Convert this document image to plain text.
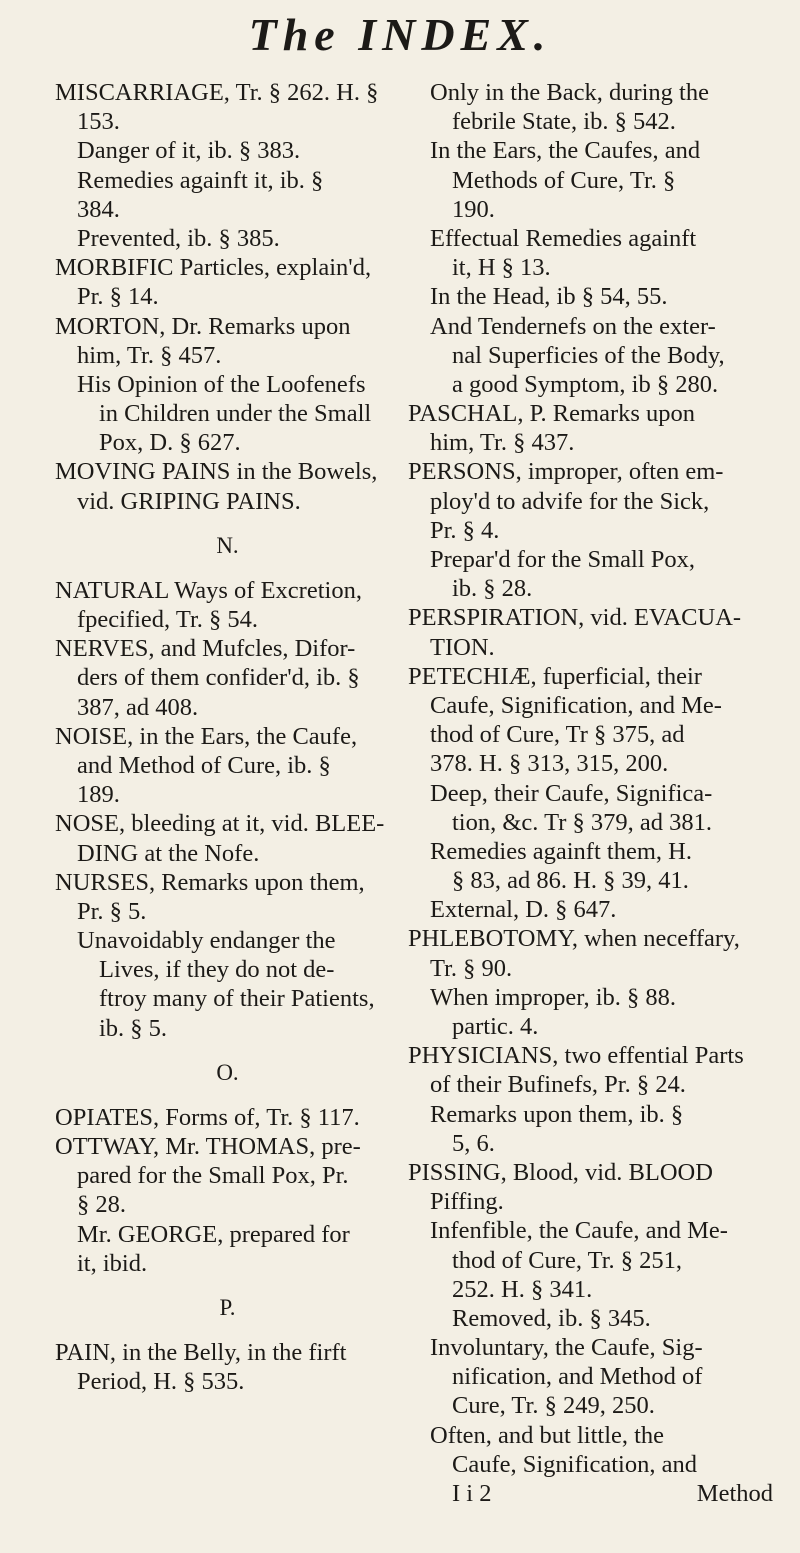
The INDEX.
MISCARRIAGE, Tr. § 262. H. §
153.
Danger of it, ib. § 383.
Remedies againft it, ib. §
384.
Prevented, ib. § 385.
MORBIFIC Particles, explain'd,
Pr. § 14.
MORTON, Dr. Remarks upon
him, Tr. § 457.
His Opinion of the Loofenefs
in Children under the Small
Pox, D. § 627.
MOVING PAINS in the Bowels,
vid. GRIPING PAINS.
N.
NATURAL Ways of Excretion,
fpecified, Tr. § 54.
NERVES, and Mufcles, Difor-
ders of them confider'd, ib. §
387, ad 408.
NOISE, in the Ears, the Caufe,
and Method of Cure, ib. §
189.
NOSE, bleeding at it, vid. BLEE-
DING at the Nofe.
NURSES, Remarks upon them,
Pr. § 5.
Unavoidably endanger the
Lives, if they do not de-
ftroy many of their Patients,
ib. § 5.
O.
OPIATES, Forms of, Tr. § 117.
OTTWAY, Mr. THOMAS, pre-
pared for the Small Pox, Pr.
§ 28.
Mr. GEORGE, prepared for
it, ibid.
P.
PAIN, in the Belly, in the firft
Period, H. § 535.
Only in the Back, during the
febrile State, ib. § 542.
In the Ears, the Caufes, and
Methods of Cure, Tr. §
190.
Effectual Remedies againft
it, H § 13.
In the Head, ib § 54, 55.
And Tendernefs on the exter-
nal Superficies of the Body,
a good Symptom, ib § 280.
PASCHAL, P. Remarks upon
him, Tr. § 437.
PERSONS, improper, often em-
ploy'd to advife for the Sick,
Pr. § 4.
Prepar'd for the Small Pox,
ib. § 28.
PERSPIRATION, vid. EVACUA-
TION.
PETECHIÆ, fuperficial, their
Caufe, Signification, and Me-
thod of Cure, Tr § 375, ad
378. H. § 313, 315, 200.
Deep, their Caufe, Significa-
tion, &c. Tr § 379, ad 381.
Remedies againft them, H.
§ 83, ad 86. H. § 39, 41.
External, D. § 647.
PHLEBOTOMY, when neceffary,
Tr. § 90.
When improper, ib. § 88.
partic. 4.
PHYSICIANS, two effential Parts
of their Bufinefs, Pr. § 24.
Remarks upon them, ib. §
5, 6.
PISSING, Blood, vid. BLOOD
Piffing.
Infenfible, the Caufe, and Me-
thod of Cure, Tr. § 251,
252. H. § 341.
Removed, ib. § 345.
Involuntary, the Caufe, Sig-
nification, and Method of
Cure, Tr. § 249, 250.
Often, and but little, the
Caufe, Signification, and
I i 2	Method
